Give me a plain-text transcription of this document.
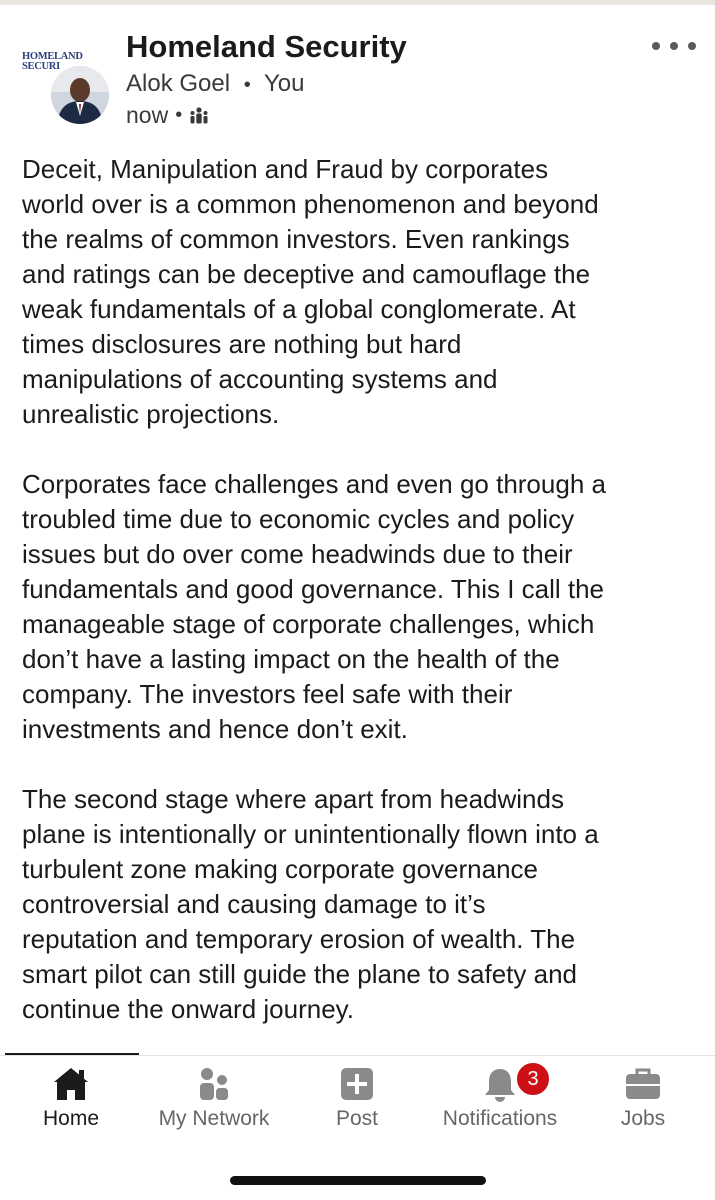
HOMELAND
SECURI
Homeland Security
Alok Goel • You
now •

Deceit, Manipulation and Fraud by corporates
world over is a common phenomenon and beyond
the realms of common investors. Even rankings
and ratings can be deceptive and camouflage the
weak fundamentals of a global conglomerate. At
times disclosures are nothing but hard
manipulations of accounting systems and
unrealistic projections.

Corporates face challenges and even go through a
troubled time due to economic cycles and policy
issues but do over come headwinds due to their
fundamentals and good governance. This I call the
manageable stage of corporate challenges, which
don’t have a lasting impact on the health of the
company. The investors feel safe with their
investments and hence don’t exit.

The second stage where apart from headwinds
plane is intentionally or unintentionally flown into a
turbulent zone making corporate governance
controversial and causing damage to it’s
reputation and temporary erosion of wealth. The
smart pilot can still guide the plane to safety and
continue the onward journey.

Home	My Network	Post	Notifications
3
Jobs
